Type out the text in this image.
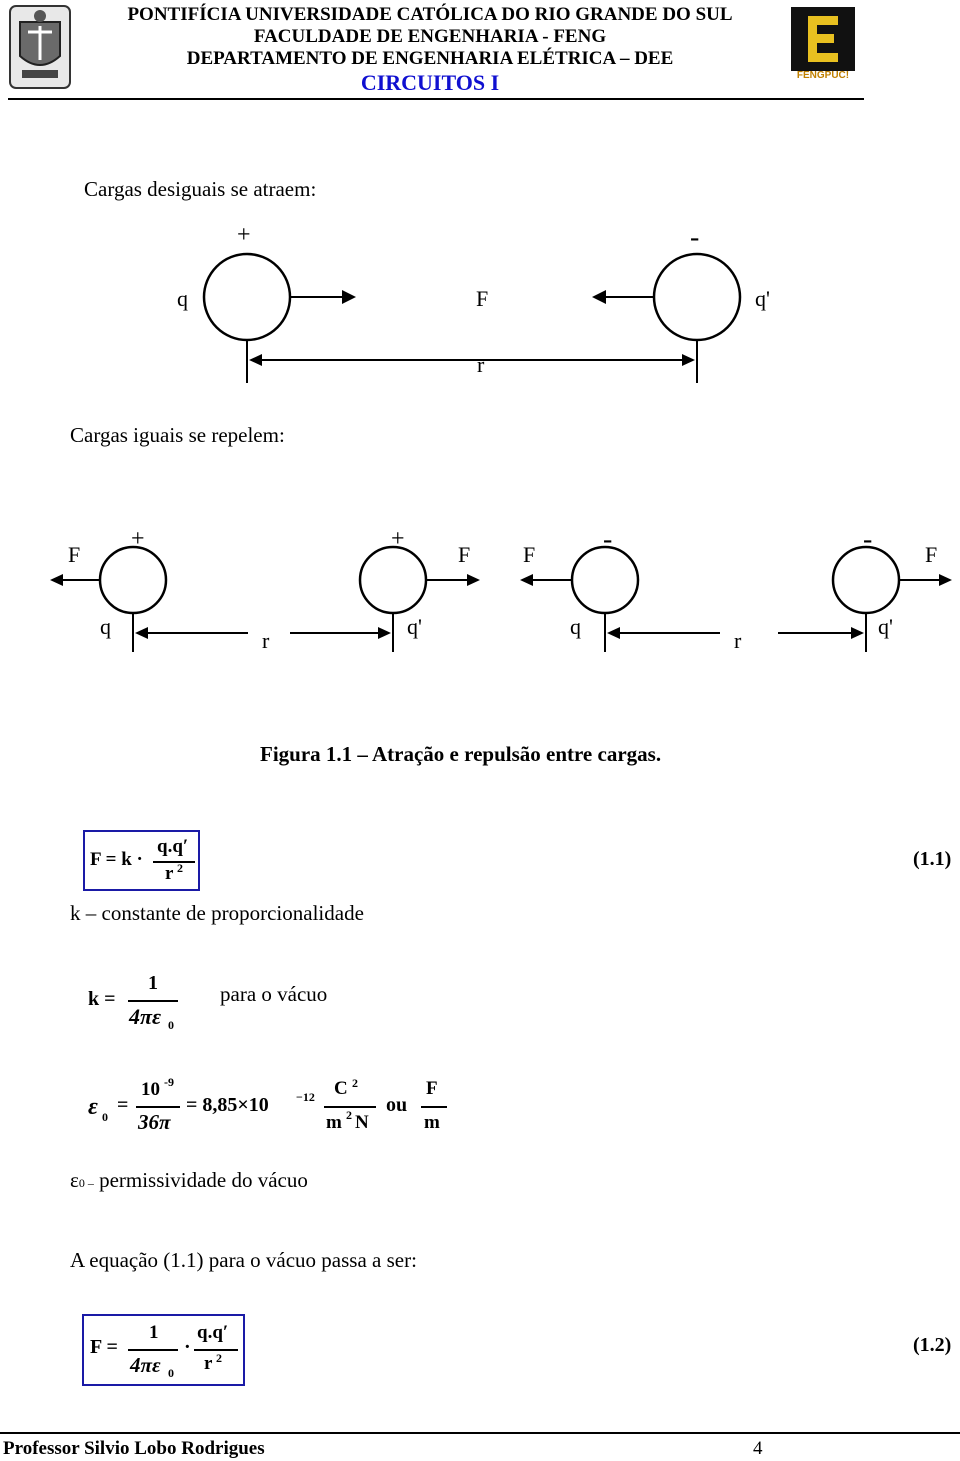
PONTIFÍCIA UNIVERSIDADE CATÓLICA DO RIO GRANDE DO SUL
FACULDADE DE ENGENHARIA - FENG
DEPARTAMENTO DE ENGENHARIA ELÉTRICA – DEE
CIRCUITOS I	FENGPUC!
Cargas desiguais se atraem:
+	-
q	F	q'
r
Cargas iguais se repelem:
F
+	+
F F -	- F
q
r
q'	q
r
q'
Figura 1.1 – Atração e repulsão entre cargas.
F = k ·
q.q′
r 2	(1.1)
k – constante de proporcionalidade
k =
1
4πε 0
para o vácuo
ε 0
=
10 -9
36π
= 8,85×10 −12 C 2
m 2 N
ou
F
m
ε0 – permissividade do vácuo
A equação (1.1) para o vácuo passa a ser:
F =
1
4πε 0
·
q.q′
r 2
(1.2)
Professor Silvio Lobo Rodrigues	4
